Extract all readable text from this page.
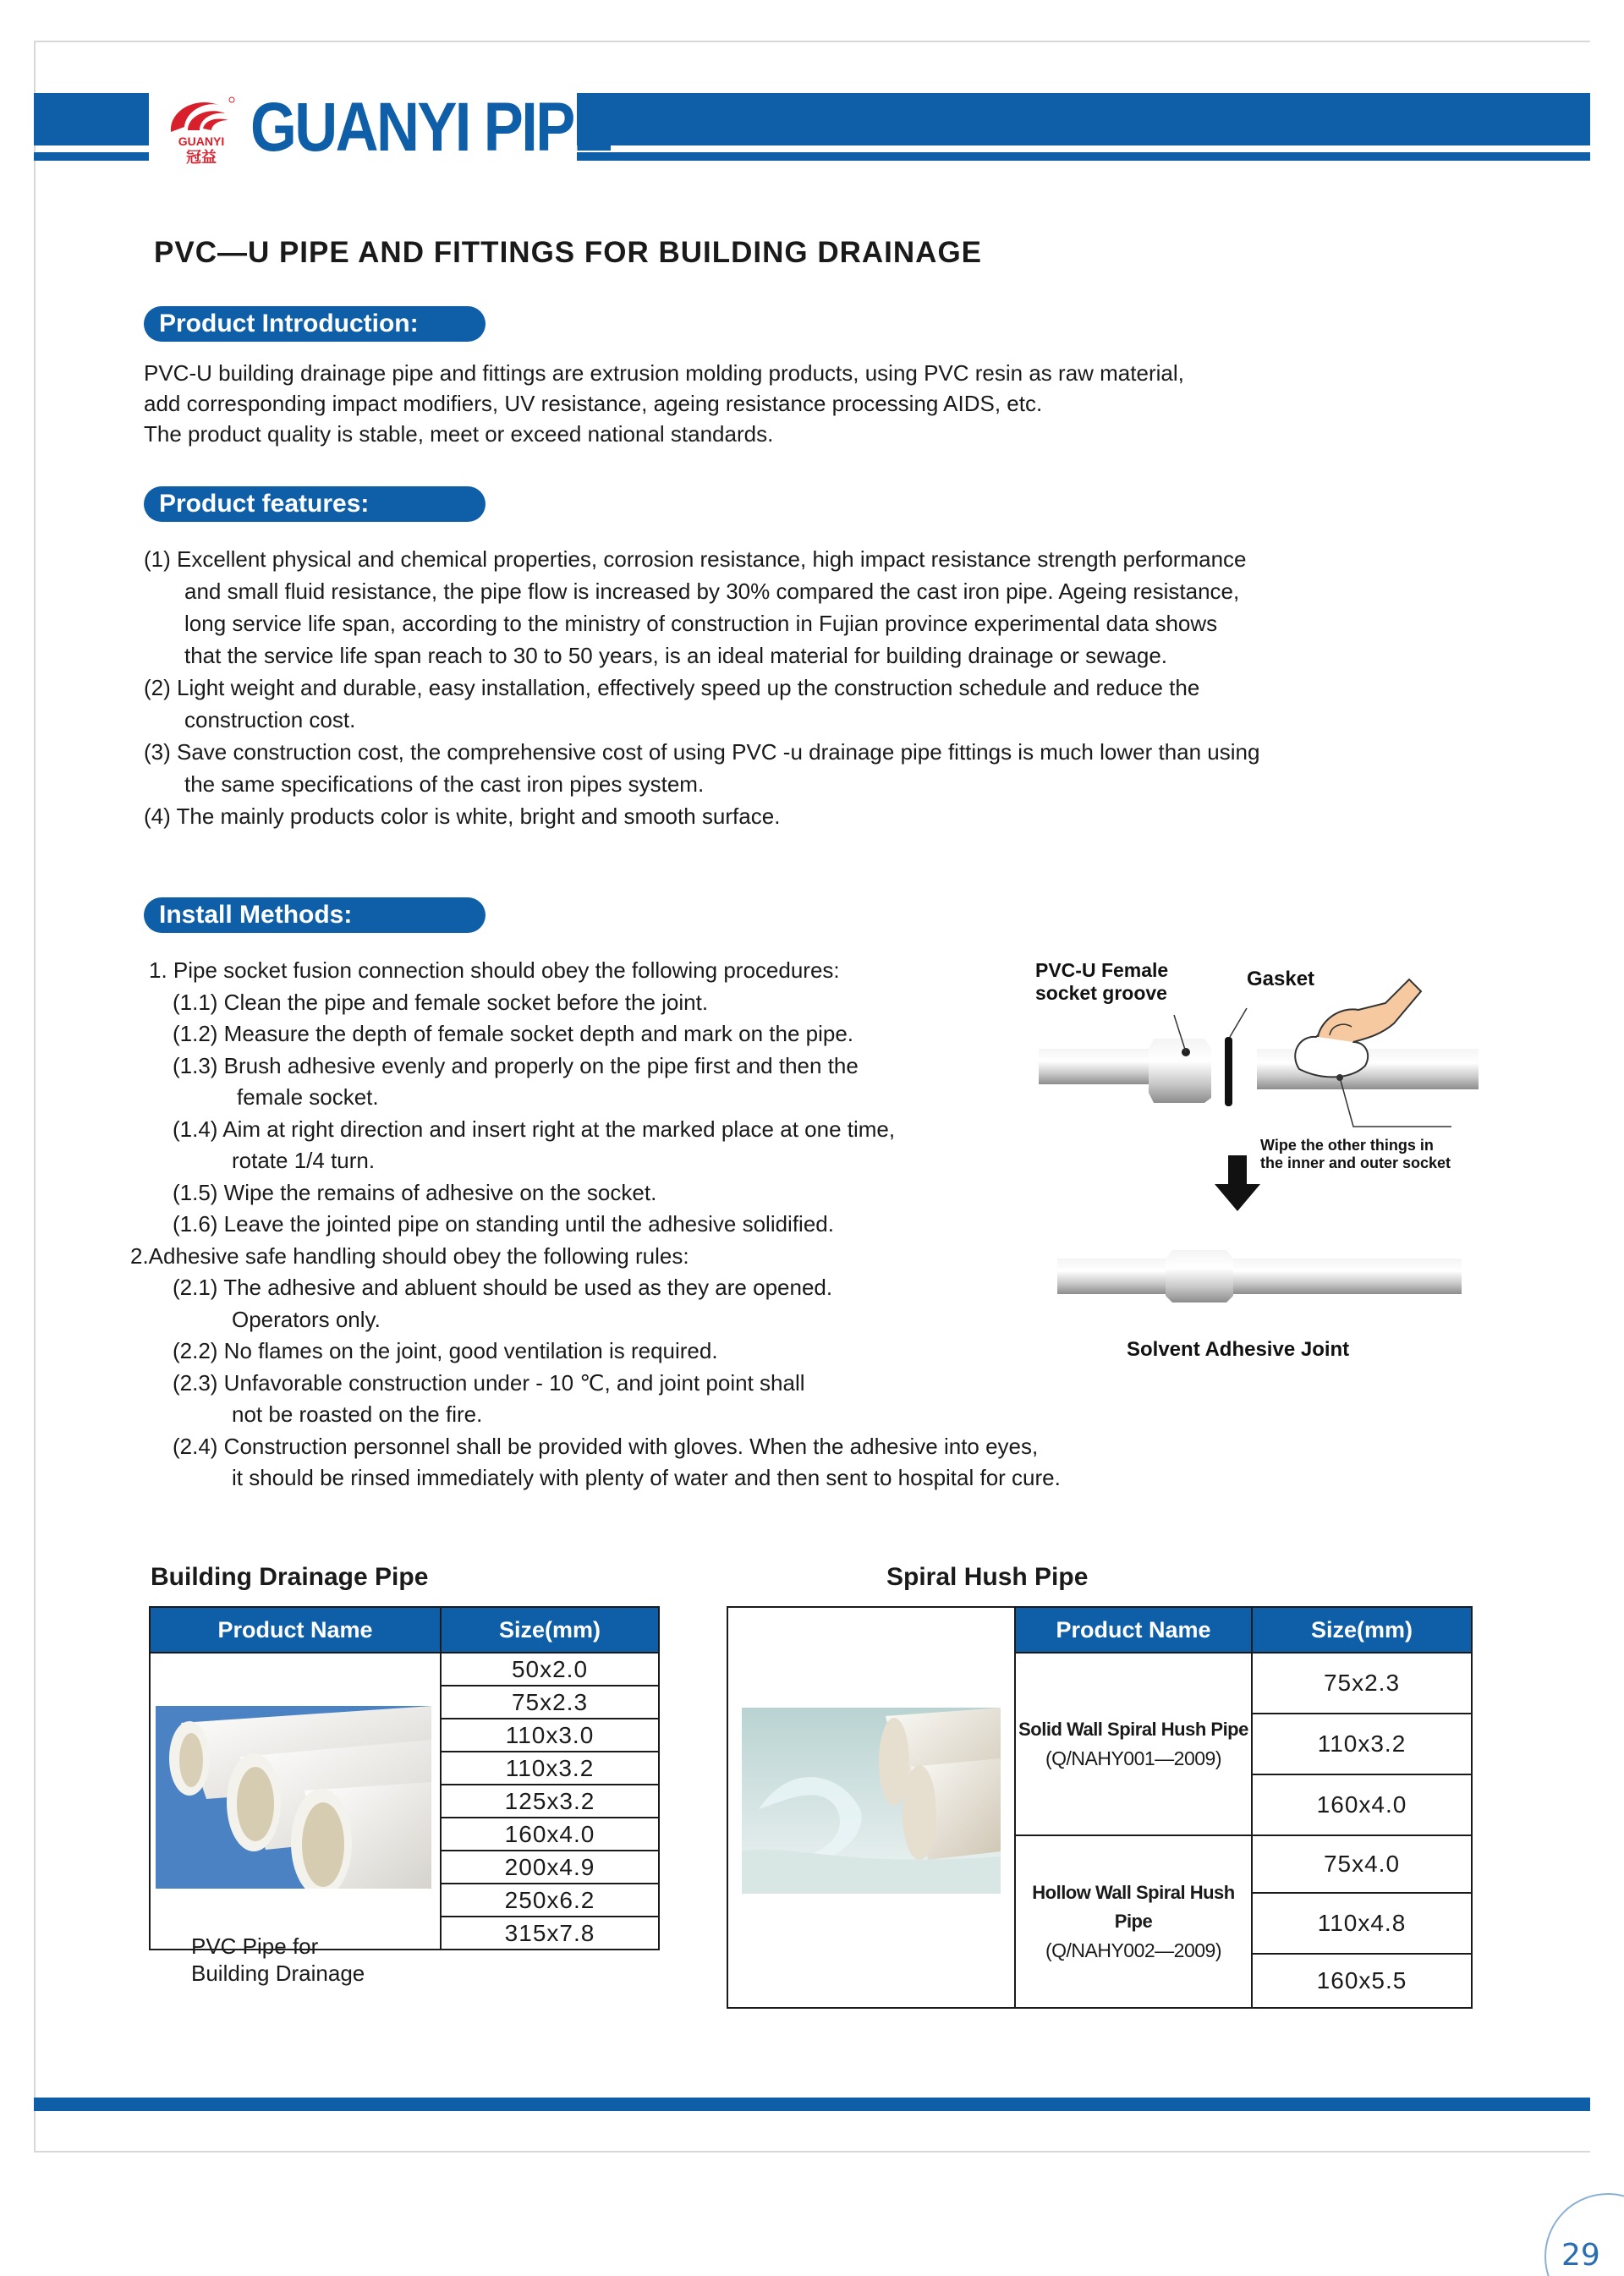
GUANYI
冠益 GUANYI PIPE
PVC—U PIPE AND FITTINGS FOR BUILDING DRAINAGE
Product Introduction:
PVC-U building drainage pipe and fittings are extrusion molding products, using PVC resin as raw material,
add corresponding impact modifiers, UV resistance, ageing resistance processing AIDS, etc.
The product quality is stable, meet or exceed national standards.
Product features:
(1) Excellent physical and chemical properties, corrosion resistance, high impact resistance strength performance
and small fluid resistance, the pipe flow is increased by 30% compared the cast iron pipe. Ageing resistance,
long service life span, according to the ministry of construction in Fujian province experimental data shows
that the service life span reach to 30 to 50 years, is an ideal material for building drainage or sewage.
(2) Light weight and durable, easy installation, effectively speed up the construction schedule and reduce the
construction cost.
(3) Save construction cost, the comprehensive cost of using PVC -u drainage pipe fittings is much lower than using
the same specifications of the cast iron pipes system.
(4) The mainly products color is white, bright and smooth surface.
Install Methods:
1. Pipe socket fusion connection should obey the following procedures:
(1.1) Clean the pipe and female socket before the joint.
(1.2) Measure the depth of female socket depth and mark on the pipe.
(1.3) Brush adhesive evenly and properly on the pipe first and then the
female socket.
(1.4) Aim at right direction and insert right at the marked place at one time,
rotate 1/4 turn.
(1.5) Wipe the remains of adhesive on the socket.
(1.6) Leave the jointed pipe on standing until the adhesive solidified.
2.Adhesive safe handling should obey the following rules:
(2.1) The adhesive and abluent should be used as they are opened.
Operators only.
(2.2) No flames on the joint, good ventilation is required.
(2.3) Unfavorable construction under - 10 ℃, and joint point shall
not be roasted on the fire.
(2.4) Construction personnel shall be provided with gloves. When the adhesive into eyes,
it should be rinsed immediately with plenty of water and then sent to hospital for cure.
PVC-U Female
socket groove
Gasket
Wipe the other things in
the inner and outer socket
Solvent Adhesive Joint
Building Drainage Pipe	Spiral Hush Pipe
Product Name	Size(mm)

PVC Pipe for
Building Drainage	50x2.0
	75x2.3
	110x3.0
	110x3.2
	125x3.2
	160x4.0
	200x4.9
	250x6.2
	315x7.8
	Product Name	Size(mm)

	Solid Wall Spiral Hush Pipe
(Q/NAHY001—2009)	75x2.3
		110x3.2
		160x4.0

	Hollow Wall Spiral Hush Pipe
(Q/NAHY002—2009)	75x4.0
		110x4.8
		160x5.5
29
